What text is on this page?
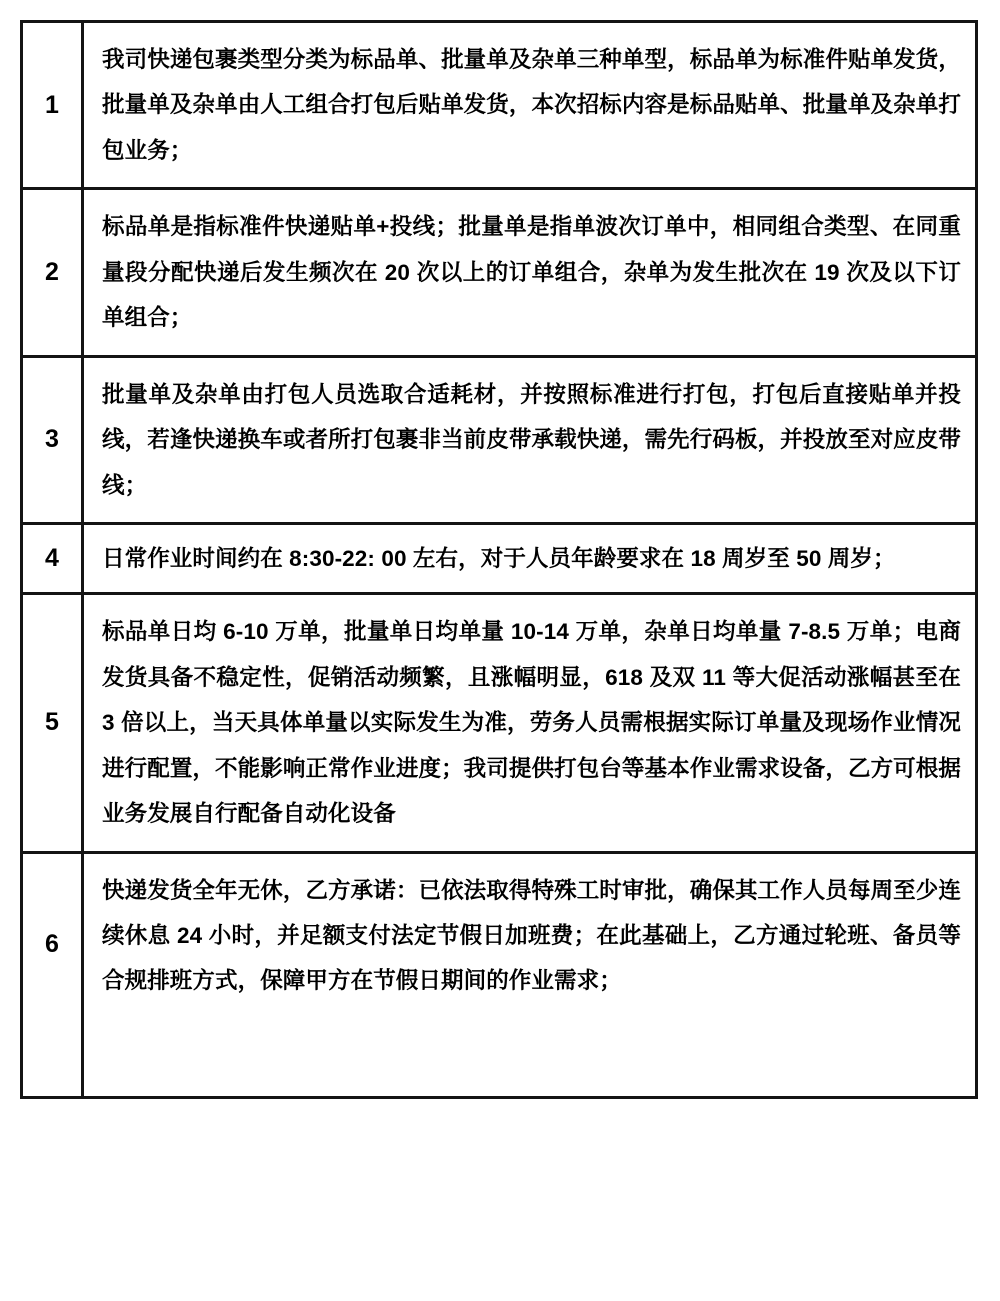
1	我司快递包裹类型分类为标品单、批量单及杂单三种单型，标品单为标准件贴单发货，批量单及杂单由人工组合打包后贴单发货，本次招标内容是标品贴单、批量单及杂单打包业务；

2	标品单是指标准件快递贴单+投线；批量单是指单波次订单中，相同组合类型、在同重量段分配快递后发生频次在 20 次以上的订单组合，杂单为发生批次在 19 次及以下订单组合；

3	批量单及杂单由打包人员选取合适耗材，并按照标准进行打包，打包后直接贴单并投线，若逢快递换车或者所打包裹非当前皮带承载快递，需先行码板，并投放至对应皮带线；

4	日常作业时间约在 8:30-22: 00 左右，对于人员年龄要求在 18 周岁至 50 周岁；

5	标品单日均 6-10 万单，批量单日均单量 10-14 万单，杂单日均单量 7-8.5 万单；电商发货具备不稳定性，促销活动频繁，且涨幅明显，618 及双 11 等大促活动涨幅甚至在 3 倍以上，当天具体单量以实际发生为准，劳务人员需根据实际订单量及现场作业情况进行配置，不能影响正常作业进度；我司提供打包台等基本作业需求设备，乙方可根据业务发展自行配备自动化设备

6	快递发货全年无休，乙方承诺：已依法取得特殊工时审批，确保其工作人员每周至少连续休息 24 小时，并足额支付法定节假日加班费；在此基础上，乙方通过轮班、备员等合规排班方式，保障甲方在节假日期间的作业需求；
